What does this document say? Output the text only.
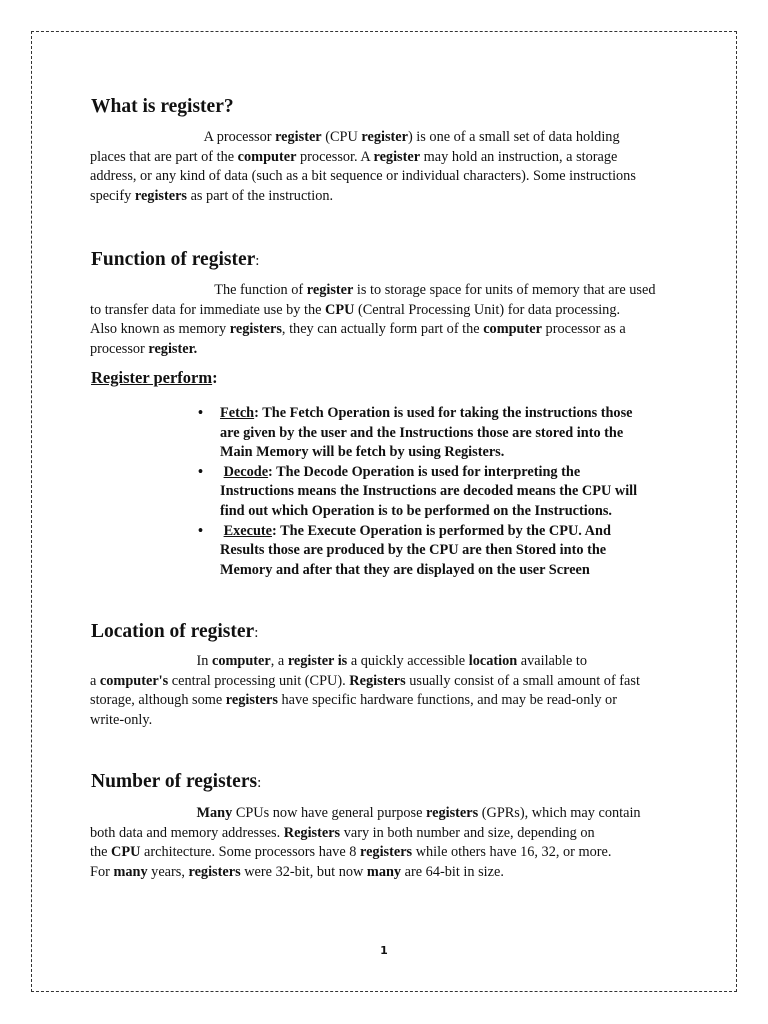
What is register?

A processor register (CPU register) is one of a small set of data holding
places that are part of the computer processor. A register may hold an instruction, a storage
address, or any kind of data (such as a bit sequence or individual characters). Some instructions
specify registers as part of the instruction.

Function of register:

The function of register is to storage space for units of memory that are used
to transfer data for immediate use by the CPU (Central Processing Unit) for data processing.
Also known as memory registers, they can actually form part of the computer processor as a
processor register.

Register perform:
• Fetch: The Fetch Operation is used for taking the instructions those
are given by the user and the Instructions those are stored into the
Main Memory will be fetch by using Registers.
• Decode: The Decode Operation is used for interpreting the
Instructions means the Instructions are decoded means the CPU will
find out which Operation is to be performed on the Instructions.
• Execute: The Execute Operation is performed by the CPU. And
Results those are produced by the CPU are then Stored into the
Memory and after that they are displayed on the user Screen
Location of register:

In computer, a register is a quickly accessible location available to
a computer's central processing unit (CPU). Registers usually consist of a small amount of fast
storage, although some registers have specific hardware functions, and may be read-only or
write-only.

Number of registers:

Many CPUs now have general purpose registers (GPRs), which may contain
both data and memory addresses. Registers vary in both number and size, depending on
the CPU architecture. Some processors have 8 registers while others have 16, 32, or more.
For many years, registers were 32-bit, but now many are 64-bit in size.

1
